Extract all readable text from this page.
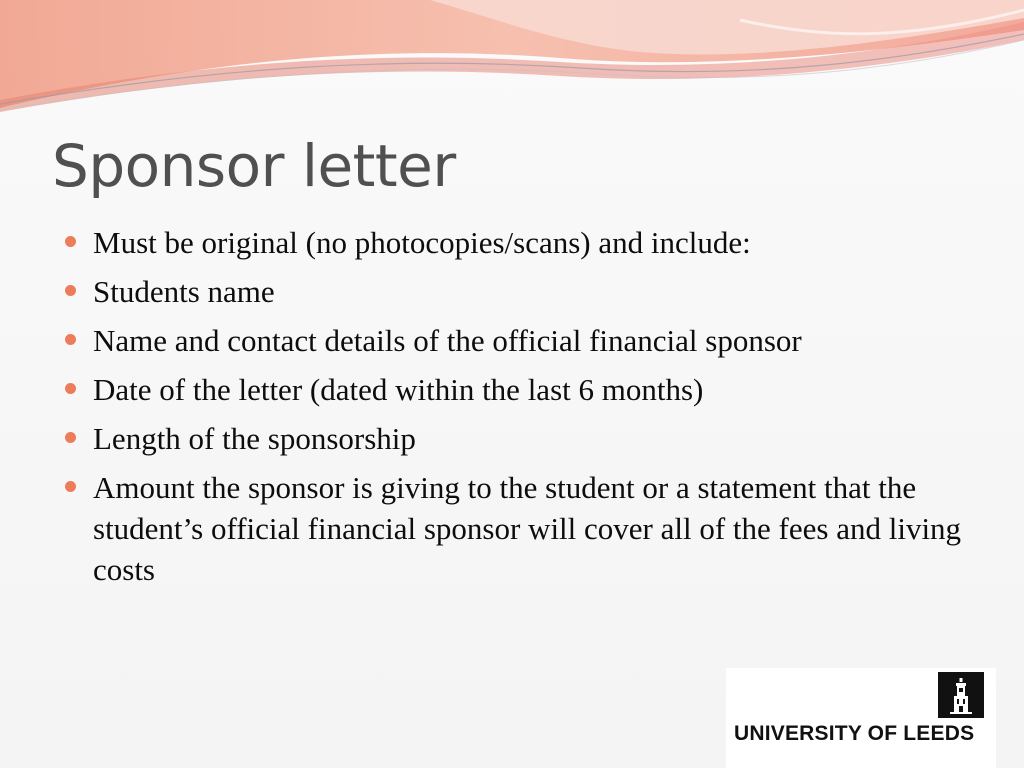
Sponsor letter
Must be original (no photocopies/scans) and include:
Students name
Name and contact details of the official financial sponsor
Date of the letter (dated within the last 6 months)
Length of the sponsorship
Amount the sponsor is giving to the student or a statement that the student’s official financial sponsor will cover all of the fees and living costs
UNIVERSITY OF LEEDS
